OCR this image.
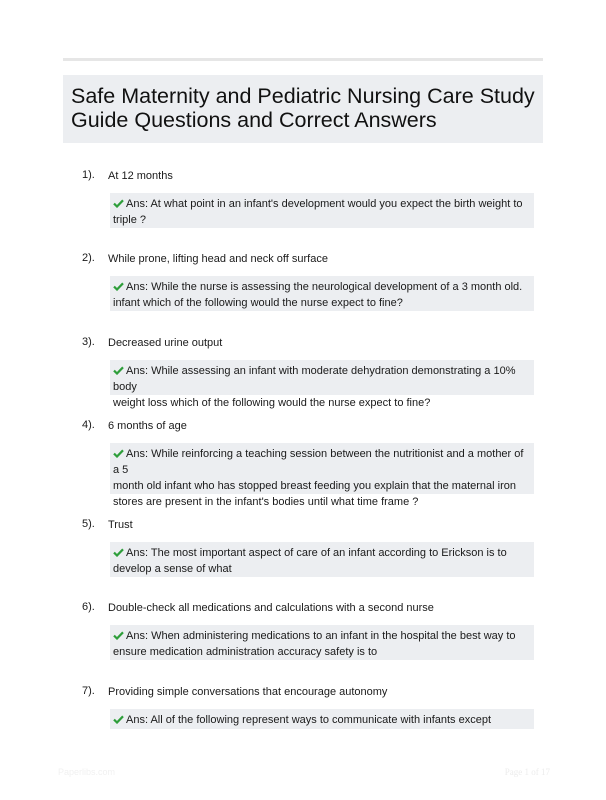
Safe Maternity and Pediatric Nursing Care Study
Guide Questions and Correct Answers
1). At 12 months
Ans: At what point in an infant's development would you expect the birth weight to
triple ?
2). While prone, lifting head and neck off surface
Ans: While the nurse is assessing the neurological development of a 3 month old.
infant which of the following would the nurse expect to fine?
3). Decreased urine output
Ans: While assessing an infant with moderate dehydration demonstrating a 10% body
weight loss which of the following would the nurse expect to fine?
4). 6 months of age
Ans: While reinforcing a teaching session between the nutritionist and a mother of a 5
month old infant who has stopped breast feeding you explain that the maternal iron
stores are present in the infant's bodies until what time frame ?
5). Trust
Ans: The most important aspect of care of an infant according to Erickson is to
develop a sense of what
6). Double-check all medications and calculations with a second nurse
Ans: When administering medications to an infant in the hospital the best way to
ensure medication administration accuracy safety is to
7). Providing simple conversations that encourage autonomy
Ans: All of the following represent ways to communicate with infants except
Paperlibs.com	Page 1 of 17
